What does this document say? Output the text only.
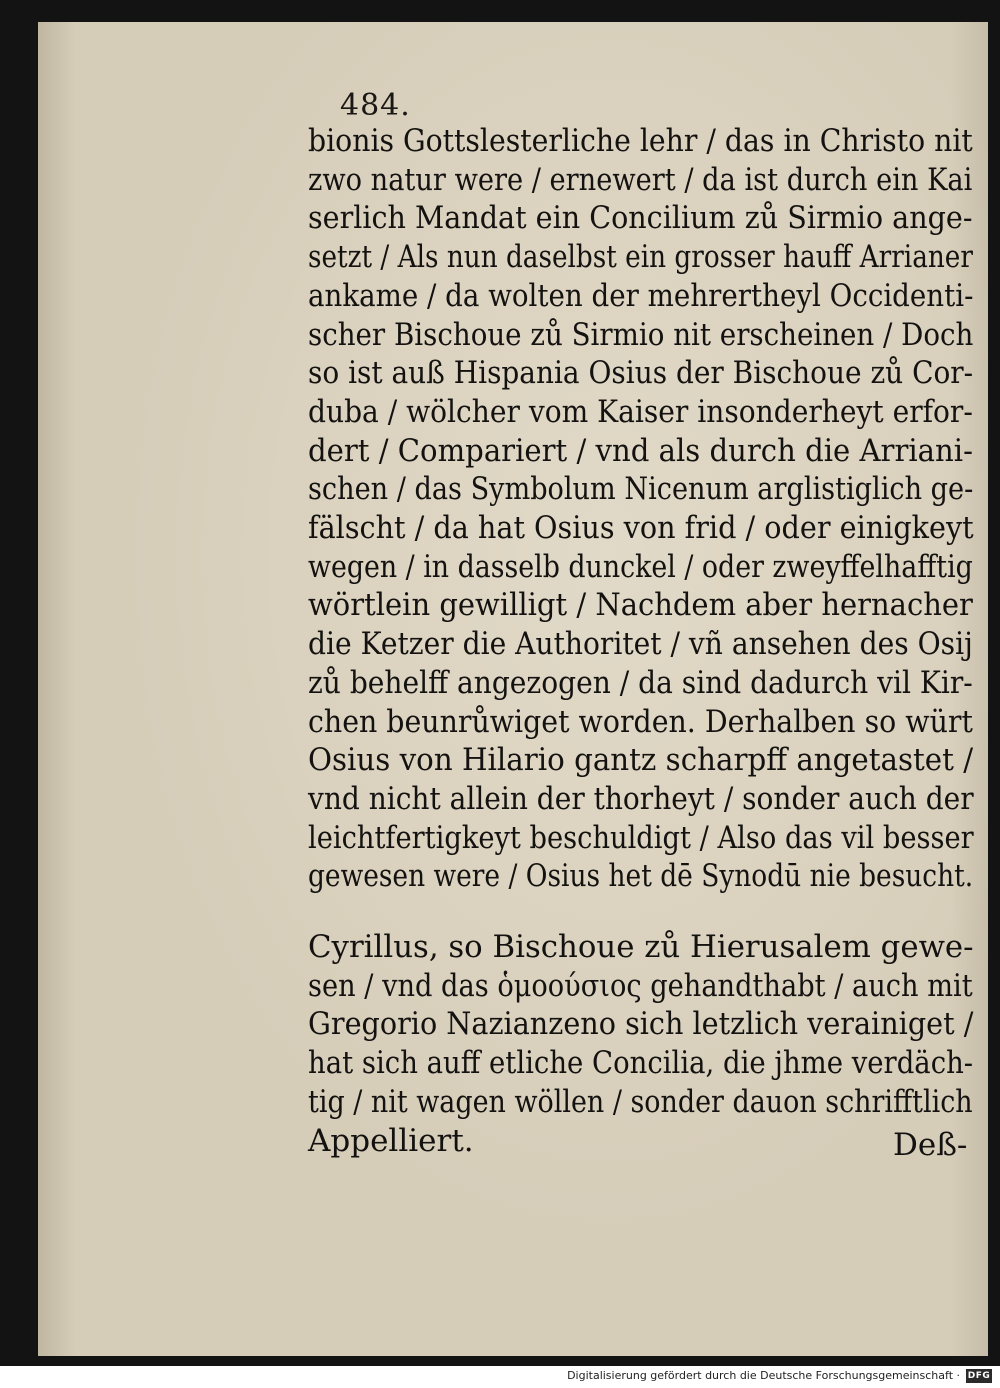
484.
bionis Gottslesterliche lehr / das in Christo nit
zwo natur were / ernewert / da ist durch ein Kai
serlich Mandat ein Concilium zů Sirmio ange‑
setzt / Als nun daselbst ein grosser hauff Arrianer
ankame / da wolten der mehrertheyl Occidenti‑
scher Bischoue zů Sirmio nit erscheinen / Doch
so ist auß Hispania Osius der Bischoue zů Cor‑
duba / wölcher vom Kaiser insonderheyt erfor‑
dert / Compariert / vnd als durch die Arriani‑
schen / das Symbolum Nicenum arglistiglich ge‑
fälscht / da hat Osius von frid / oder einigkeyt
wegen / in dasselb dunckel / oder zweyffelhafftig
wörtlein gewilligt / Nachdem aber hernacher
die Ketzer die Authoritet / vñ ansehen des Osij
zů behelff angezogen / da sind dadurch vil Kir‑
chen beunrůwiget worden. Derhalben so würt
Osius von Hilario gantz scharpff angetastet /
vnd nicht allein der thorheyt / sonder auch der
leichtfertigkeyt beschuldigt / Also das vil besser
gewesen were / Osius het dē Synodū nie besucht.
Cyrillus, so Bischoue zů Hierusalem gewe‑
sen / vnd das ὁμοούσιος gehandthabt / auch mit
Gregorio Nazianzeno sich letzlich verainiget /
hat sich auff etliche Concilia, die jhme verdäch‑
tig / nit wagen wöllen / sonder dauon schrifftlich
Appelliert.	Deß‑
Digitalisierung gefördert durch die Deutsche Forschungsgemeinschaft · DFG
